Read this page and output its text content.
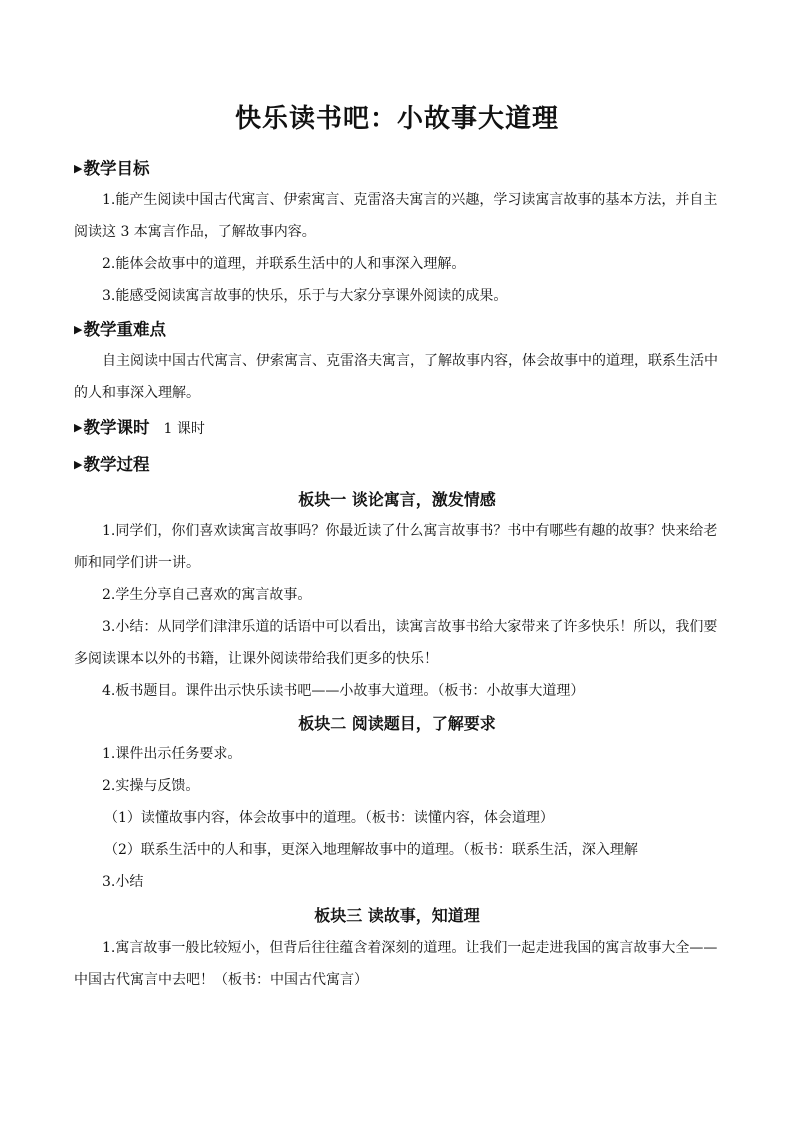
快乐读书吧：小故事大道理
▶教学目标

1.能产生阅读中国古代寓言、伊索寓言、克雷洛夫寓言的兴趣，学习读寓言故事的基本方法，并自主阅读这 3 本寓言作品，了解故事内容。

2.能体会故事中的道理，并联系生活中的人和事深入理解。

3.能感受阅读寓言故事的快乐，乐于与大家分享课外阅读的成果。

▶教学重难点

自主阅读中国古代寓言、伊索寓言、克雷洛夫寓言，了解故事内容，体会故事中的道理，联系生活中的人和事深入理解。

▶教学课时 1 课时
▶教学过程
板块一 谈论寓言，激发情感

1.同学们，你们喜欢读寓言故事吗？你最近读了什么寓言故事书？书中有哪些有趣的故事？快来给老师和同学们讲一讲。

2.学生分享自己喜欢的寓言故事。

3.小结：从同学们津津乐道的话语中可以看出，读寓言故事书给大家带来了许多快乐！所以，我们要多阅读课本以外的书籍，让课外阅读带给我们更多的快乐！

4.板书题目。课件出示快乐读书吧——小故事大道理。（板书：小故事大道理）

板块二 阅读题目，了解要求
1.课件出示任务要求。
2.实操与反馈。
（1）读懂故事内容，体会故事中的道理。（板书：读懂内容，体会道理）
（2）联系生活中的人和事，更深入地理解故事中的道理。（板书：联系生活，深入理解
3.小结
板块三 读故事，知道理

1.寓言故事一般比较短小，但背后往往蕴含着深刻的道理。让我们一起走进我国的寓言故事大全——中国古代寓言中去吧！（板书：中国古代寓言）
